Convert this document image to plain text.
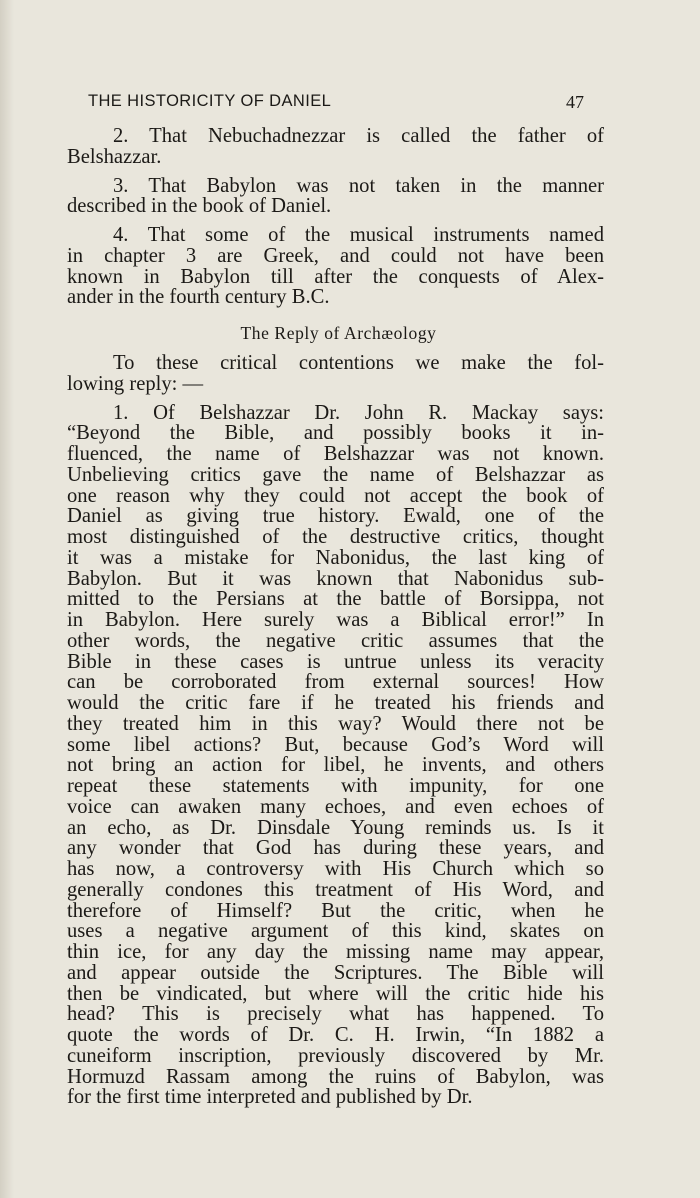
THE HISTORICITY OF DANIEL	47
2. That Nebuchadnezzar is called the father of
Belshazzar.
3. That Babylon was not taken in the manner
described in the book of Daniel.
4. That some of the musical instruments named
in chapter 3 are Greek, and could not have been
known in Babylon till after the conquests of Alex-
ander in the fourth century B.C.
The Reply of Archæology
To these critical contentions we make the fol-
lowing reply: —
1. Of Belshazzar Dr. John R. Mackay says:
“Beyond the Bible, and possibly books it in-
fluenced, the name of Belshazzar was not known.
Unbelieving critics gave the name of Belshazzar as
one reason why they could not accept the book of
Daniel as giving true history. Ewald, one of the
most distinguished of the destructive critics, thought
it was a mistake for Nabonidus, the last king of
Babylon. But it was known that Nabonidus sub-
mitted to the Persians at the battle of Borsippa, not
in Babylon. Here surely was a Biblical error!” In
other words, the negative critic assumes that the
Bible in these cases is untrue unless its veracity
can be corroborated from external sources! How
would the critic fare if he treated his friends and
they treated him in this way? Would there not be
some libel actions? But, because God’s Word will
not bring an action for libel, he invents, and others
repeat these statements with impunity, for one
voice can awaken many echoes, and even echoes of
an echo, as Dr. Dinsdale Young reminds us. Is it
any wonder that God has during these years, and
has now, a controversy with His Church which so
generally condones this treatment of His Word, and
therefore of Himself? But the critic, when he
uses a negative argument of this kind, skates on
thin ice, for any day the missing name may appear,
and appear outside the Scriptures. The Bible will
then be vindicated, but where will the critic hide his
head? This is precisely what has happened. To
quote the words of Dr. C. H. Irwin, “In 1882 a
cuneiform inscription, previously discovered by Mr.
Hormuzd Rassam among the ruins of Babylon, was
for the first time interpreted and published by Dr.
